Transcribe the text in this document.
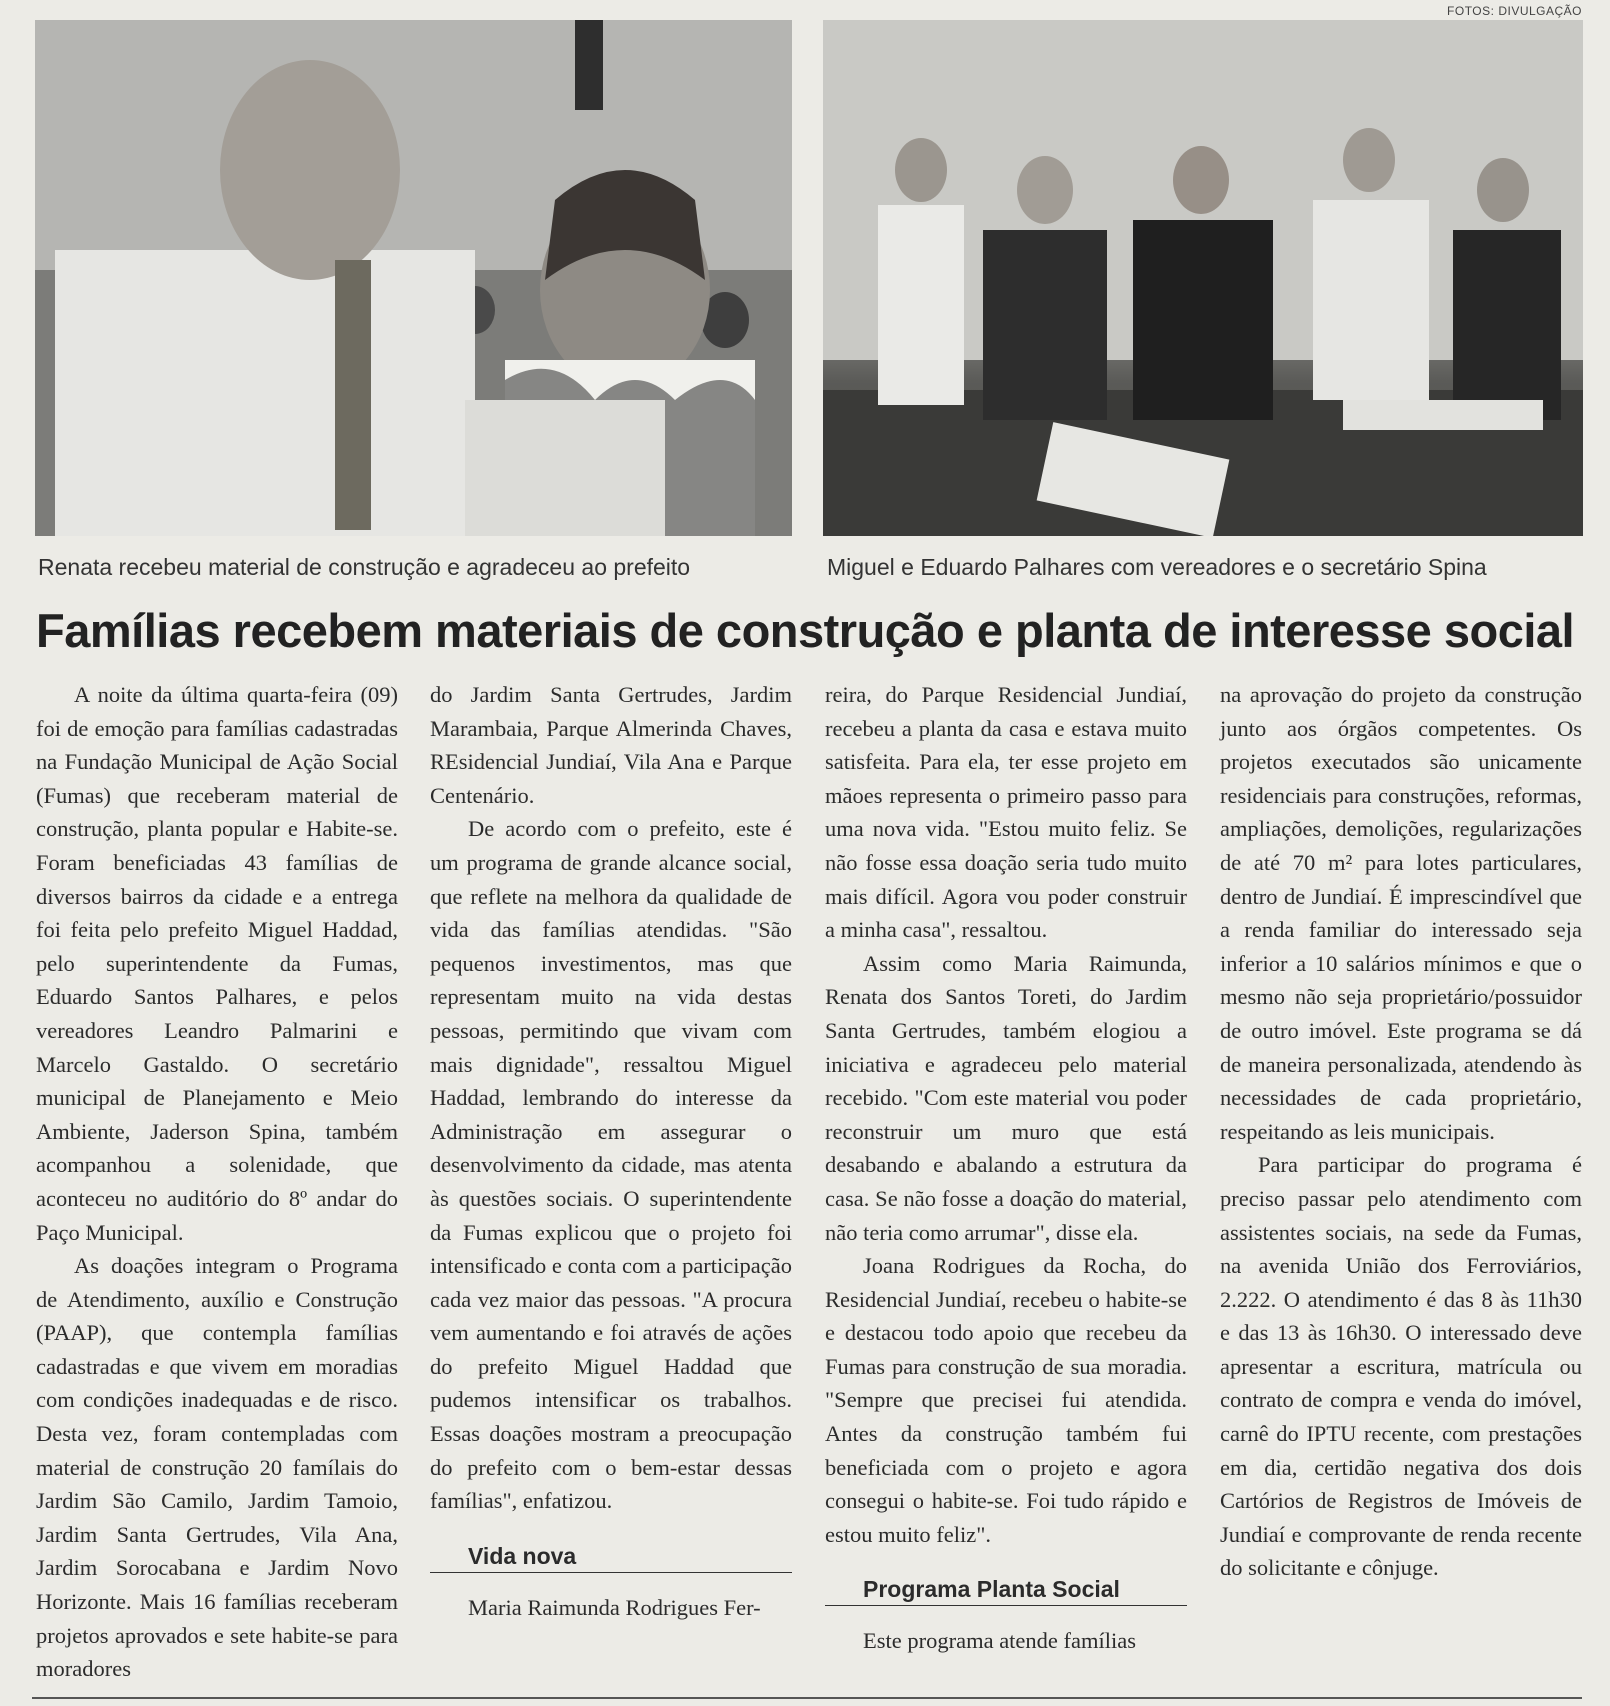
FOTOS: DIVULGAÇÃO
Renata recebeu material de construção e agradeceu ao prefeito	Miguel e Eduardo Palhares com vereadores e o secretário Spina
Famílias recebem materiais de construção e planta de interesse social

A noite da última quarta-feira (09) foi de emoção para famílias cadastradas na Fundação Municipal de Ação Social (Fumas) que receberam material de construção, planta popular e Habite-se. Foram beneficiadas 43 famílias de diversos bairros da cidade e a entrega foi feita pelo prefeito Miguel Haddad, pelo superintendente da Fumas, Eduardo Santos Palhares, e pelos vereadores Leandro Palmarini e Marcelo Gastaldo. O secretário municipal de Planejamento e Meio Ambiente, Jaderson Spina, também acompanhou a solenidade, que aconteceu no auditório do 8º andar do Paço Municipal.

As doações integram o Programa de Atendimento, auxílio e Construção (PAAP), que contempla famílias cadastradas e que vivem em moradias com condições inadequadas e de risco. Desta vez, foram contempladas com material de construção 20 famílais do Jardim São Camilo, Jardim Tamoio, Jardim Santa Gertrudes, Vila Ana, Jardim Sorocabana e Jardim Novo Horizonte. Mais 16 famílias receberam projetos aprovados e sete habite-se para moradores

do Jardim Santa Gertrudes, Jardim Marambaia, Parque Almerinda Chaves, REsidencial Jundiaí, Vila Ana e Parque Centenário.

De acordo com o prefeito, este é um programa de grande alcance social, que reflete na melhora da qualidade de vida das famílias atendidas. "São pequenos investimentos, mas que representam muito na vida destas pessoas, permitindo que vivam com mais dignidade", ressaltou Miguel Haddad, lembrando do interesse da Administração em assegurar o desenvolvimento da cidade, mas atenta às questões sociais. O superintendente da Fumas explicou que o projeto foi intensificado e conta com a participação cada vez maior das pessoas. "A procura vem aumentando e foi através de ações do prefeito Miguel Haddad que pudemos intensificar os trabalhos. Essas doações mostram a preocupação do prefeito com o bem-estar dessas famílias", enfatizou.

Vida nova

Maria Raimunda Rodrigues Fer-

reira, do Parque Residencial Jundiaí, recebeu a planta da casa e estava muito satisfeita. Para ela, ter esse projeto em mãoes representa o primeiro passo para uma nova vida. "Estou muito feliz. Se não fosse essa doação seria tudo muito mais difícil. Agora vou poder construir a minha casa", ressaltou.

Assim como Maria Raimunda, Renata dos Santos Toreti, do Jardim Santa Gertrudes, também elogiou a iniciativa e agradeceu pelo material recebido. "Com este material vou poder reconstruir um muro que está desabando e abalando a estrutura da casa. Se não fosse a doação do material, não teria como arrumar", disse ela.

Joana Rodrigues da Rocha, do Residencial Jundiaí, recebeu o habite-se e destacou todo apoio que recebeu da Fumas para construção de sua moradia. "Sempre que precisei fui atendida. Antes da construção também fui beneficiada com o projeto e agora consegui o habite-se. Foi tudo rápido e estou muito feliz".

Programa Planta Social

Este programa atende famílias

na aprovação do projeto da construção junto aos órgãos competentes. Os projetos executados são unicamente residenciais para construções, reformas, ampliações, demolições, regularizações de até 70 m² para lotes particulares, dentro de Jundiaí. É imprescindível que a renda familiar do interessado seja inferior a 10 salários mínimos e que o mesmo não seja proprietário/possuidor de outro imóvel. Este programa se dá de maneira personalizada, atendendo às necessidades de cada proprietário, respeitando as leis municipais.

Para participar do programa é preciso passar pelo atendimento com assistentes sociais, na sede da Fumas, na avenida União dos Ferroviários, 2.222. O atendimento é das 8 às 11h30 e das 13 às 16h30. O interessado deve apresentar a escritura, matrícula ou contrato de compra e venda do imóvel, carnê do IPTU recente, com prestações em dia, certidão negativa dos dois Cartórios de Registros de Imóveis de Jundiaí e comprovante de renda recente do solicitante e cônjuge.
